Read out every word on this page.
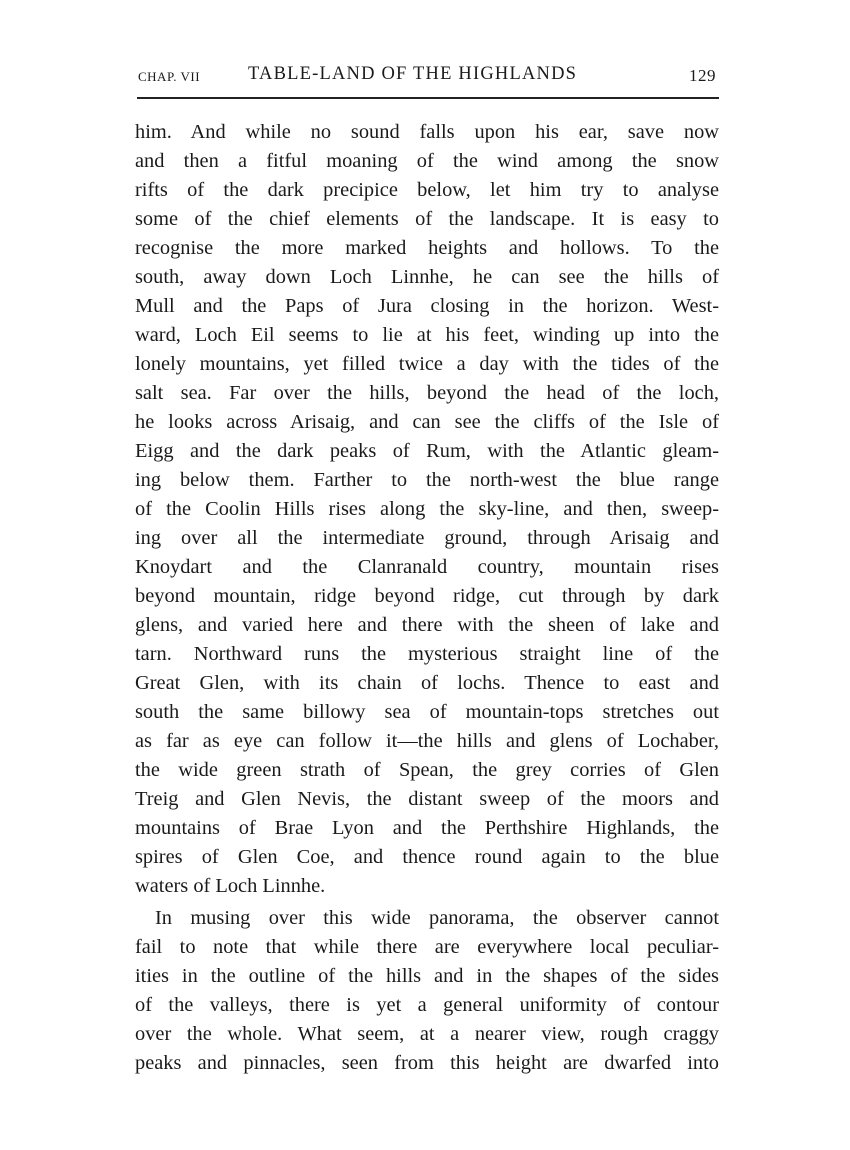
CHAP. VII	TABLE-LAND OF THE HIGHLANDS	129

him. And while no sound falls upon his ear, save now
and then a fitful moaning of the wind among the snow
rifts of the dark precipice below, let him try to analyse
some of the chief elements of the landscape. It is easy to
recognise the more marked heights and hollows. To the
south, away down Loch Linnhe, he can see the hills of
Mull and the Paps of Jura closing in the horizon. West-
ward, Loch Eil seems to lie at his feet, winding up into the
lonely mountains, yet filled twice a day with the tides of the
salt sea. Far over the hills, beyond the head of the loch,
he looks across Arisaig, and can see the cliffs of the Isle of
Eigg and the dark peaks of Rum, with the Atlantic gleam-
ing below them. Farther to the north-west the blue range
of the Coolin Hills rises along the sky-line, and then, sweep-
ing over all the intermediate ground, through Arisaig and
Knoydart and the Clanranald country, mountain rises
beyond mountain, ridge beyond ridge, cut through by dark
glens, and varied here and there with the sheen of lake and
tarn. Northward runs the mysterious straight line of the
Great Glen, with its chain of lochs. Thence to east and
south the same billowy sea of mountain-tops stretches out
as far as eye can follow it—the hills and glens of Lochaber,
the wide green strath of Spean, the grey corries of Glen
Treig and Glen Nevis, the distant sweep of the moors and
mountains of Brae Lyon and the Perthshire Highlands, the
spires of Glen Coe, and thence round again to the blue
waters of Loch Linnhe.

In musing over this wide panorama, the observer cannot
fail to note that while there are everywhere local peculiar-
ities in the outline of the hills and in the shapes of the sides
of the valleys, there is yet a general uniformity of contour
over the whole. What seem, at a nearer view, rough craggy
peaks and pinnacles, seen from this height are dwarfed into
